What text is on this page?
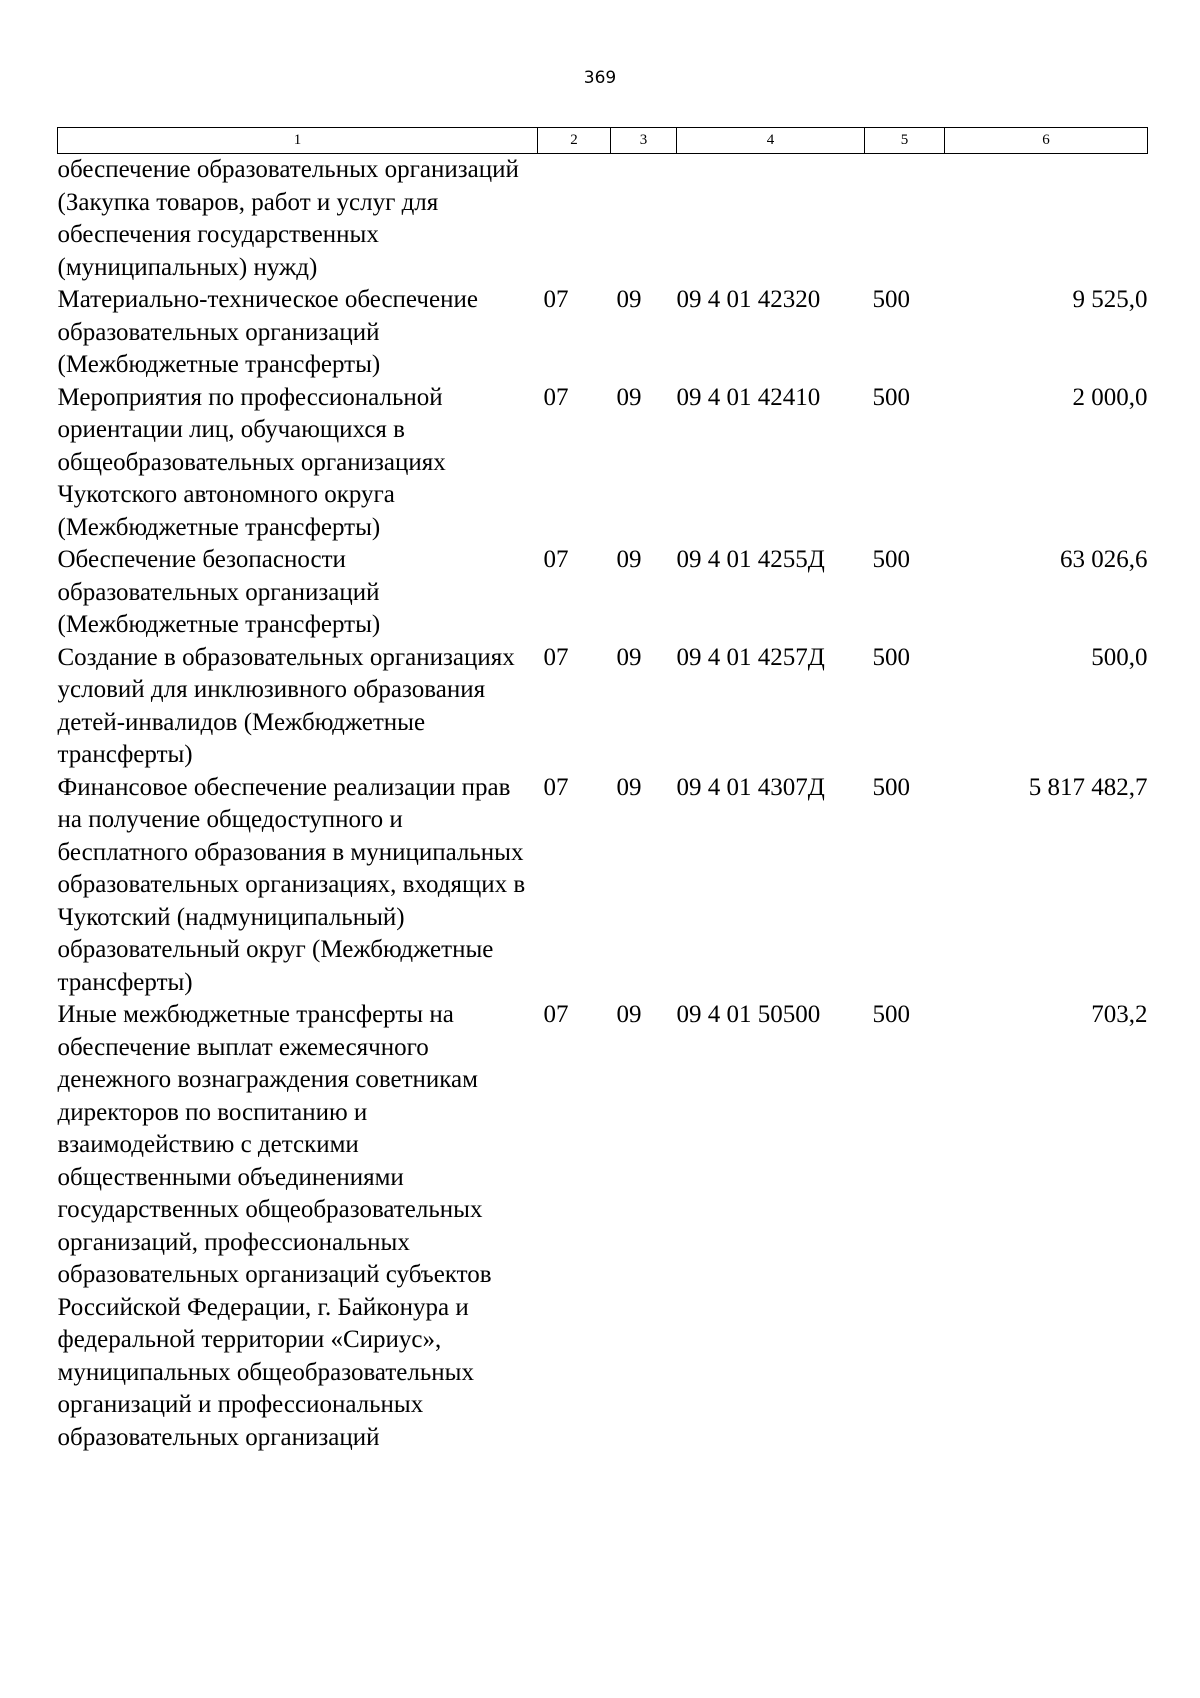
369
1	2	3	4	5	6
обеспечение образовательных организаций (Закупка товаров, работ и услуг для обеспечения государственных (муниципальных) нужд)					
Материально-техническое обеспечение образовательных организаций (Межбюджетные трансферты)	07	09	09 4 01 42320	500	9 525,0
Мероприятия по профессиональной ориентации лиц, обучающихся в общеобразовательных организациях Чукотского автономного округа (Межбюджетные трансферты)	07	09	09 4 01 42410	500	2 000,0
Обеспечение безопасности образовательных организаций (Межбюджетные трансферты)	07	09	09 4 01 4255Д	500	63 026,6
Создание в образовательных организациях условий для инклюзивного образования детей-инвалидов (Межбюджетные трансферты)	07	09	09 4 01 4257Д	500	500,0
Финансовое обеспечение реализации прав на получение общедоступного и бесплатного образования в муниципальных образовательных организациях, входящих в Чукотский (надмуниципальный) образовательный округ (Межбюджетные трансферты)	07	09	09 4 01 4307Д	500	5 817 482,7
Иные межбюджетные трансферты на обеспечение выплат ежемесячного денежного вознаграждения советникам директоров по воспитанию и взаимодействию с детскими общественными объединениями государственных общеобразовательных организаций, профессиональных образовательных организаций субъектов Российской Федерации, г. Байконура и федеральной территории «Сириус», муниципальных общеобразовательных организаций и профессиональных образовательных организаций	07	09	09 4 01 50500	500	703,2
